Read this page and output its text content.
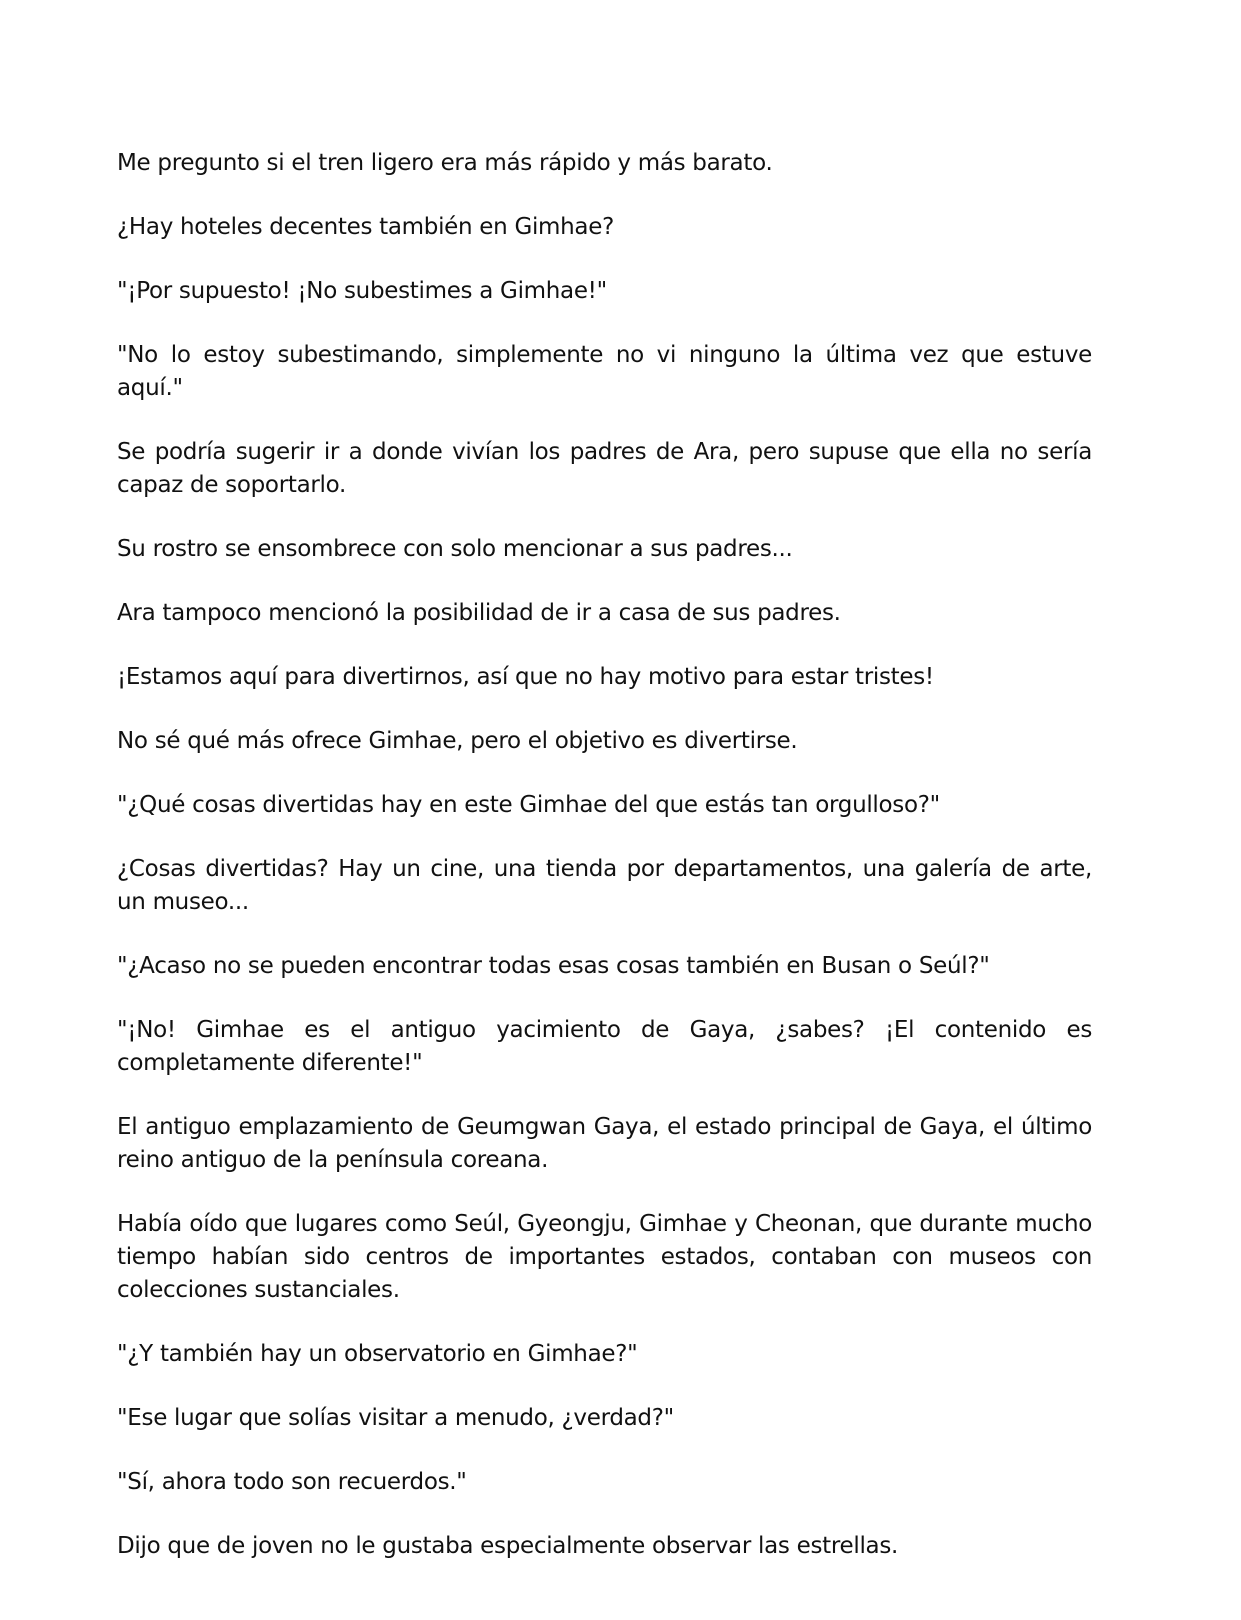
Me pregunto si el tren ligero era más rápido y más barato.

¿Hay hoteles decentes también en Gimhae?

"¡Por supuesto! ¡No subestimes a Gimhae!"

"No lo estoy subestimando, simplemente no vi ninguno la última vez que estuve aquí."

Se podría sugerir ir a donde vivían los padres de Ara, pero supuse que ella no sería capaz de soportarlo.

Su rostro se ensombrece con solo mencionar a sus padres...

Ara tampoco mencionó la posibilidad de ir a casa de sus padres.

¡Estamos aquí para divertirnos, así que no hay motivo para estar tristes!

No sé qué más ofrece Gimhae, pero el objetivo es divertirse.

"¿Qué cosas divertidas hay en este Gimhae del que estás tan orgulloso?"

¿Cosas divertidas? Hay un cine, una tienda por departamentos, una galería de arte, un museo...

"¿Acaso no se pueden encontrar todas esas cosas también en Busan o Seúl?"

"¡No! Gimhae es el antiguo yacimiento de Gaya, ¿sabes? ¡El contenido es completamente diferente!"

El antiguo emplazamiento de Geumgwan Gaya, el estado principal de Gaya, el último reino antiguo de la península coreana.

Había oído que lugares como Seúl, Gyeongju, Gimhae y Cheonan, que durante mucho tiempo habían sido centros de importantes estados, contaban con museos con colecciones sustanciales.

"¿Y también hay un observatorio en Gimhae?"

"Ese lugar que solías visitar a menudo, ¿verdad?"

"Sí, ahora todo son recuerdos."

Dijo que de joven no le gustaba especialmente observar las estrellas.
